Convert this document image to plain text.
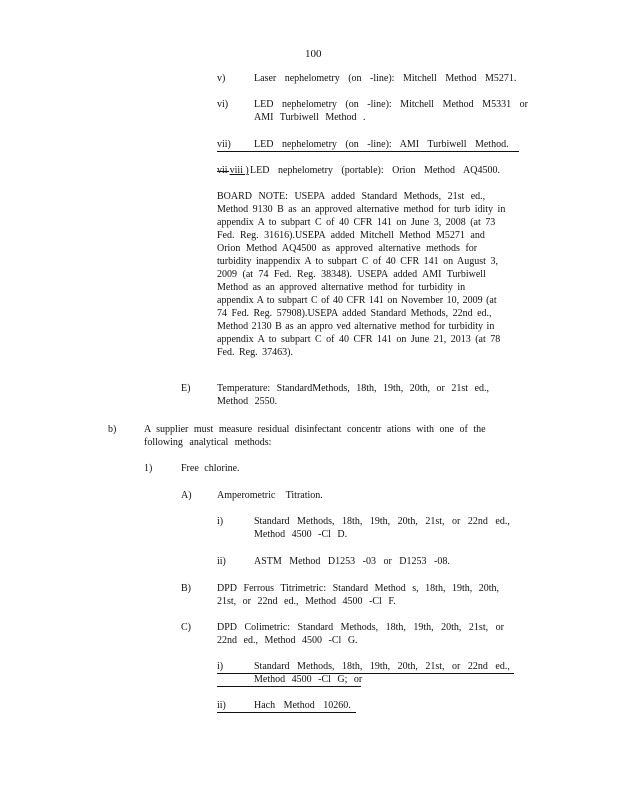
100
v)	Laser nephelometry (on -line): Mitchell Method M5271.
vi)	LED nephelometry (on -line): Mitchell Method M5331 or
AMI Turbiwell Method .
vii) LED nephelometry (on -line): AMI Turbiwell Method.
vii viii ) LED nephelometry (portable): Orion Method AQ4500.
BOARD NOTE: USEPA added Standard Methods, 21st ed.,
Method 9130 B as an approved alternative method for turb idity in
appendix A to subpart C of 40 CFR 141 on June 3, 2008 (at 73
Fed. Reg. 31616).USEPA added Mitchell Method M5271 and
Orion Method AQ4500 as approved alternative methods for
turbidity inappendix A to subpart C of 40 CFR 141 on August 3,
2009 (at 74 Fed. Reg. 38348). USEPA added AMI Turbiwell
Method as an approved alternative method for turbidity in
appendix A to subpart C of 40 CFR 141 on November 10, 2009 (at
74 Fed. Reg. 57908).USEPA added Standard Methods, 22nd ed.,
Method 2130 B as an appro ved alternative method for turbidity in
appendix A to subpart C of 40 CFR 141 on June 21, 2013 (at 78
Fed. Reg. 37463).
E)	Temperature: StandardMethods, 18th, 19th, 20th, or 21st ed.,
Method 2550.
b)	A supplier must measure residual disinfectant concentr ations with one of the
following analytical methods:
1)	Free chlorine.
A)	Amperometric Titration.
i)	Standard Methods, 18th, 19th, 20th, 21st, or 22nd ed.,
Method 4500 -Cl D.
ii)	ASTM Method D1253 -03 or D1253 -08.
B)	DPD Ferrous Titrimetric: Standard Method s, 18th, 19th, 20th,
21st, or 22nd ed., Method 4500 -Cl F.
C)	DPD Colimetric: Standard Methods, 18th, 19th, 20th, 21st, or
22nd ed., Method 4500 -Cl G.
i)	Standard Methods, 18th, 19th, 20th, 21st, or 22nd ed.,
Method 4500 -Cl G; or
ii)	Hach Method 10260.
